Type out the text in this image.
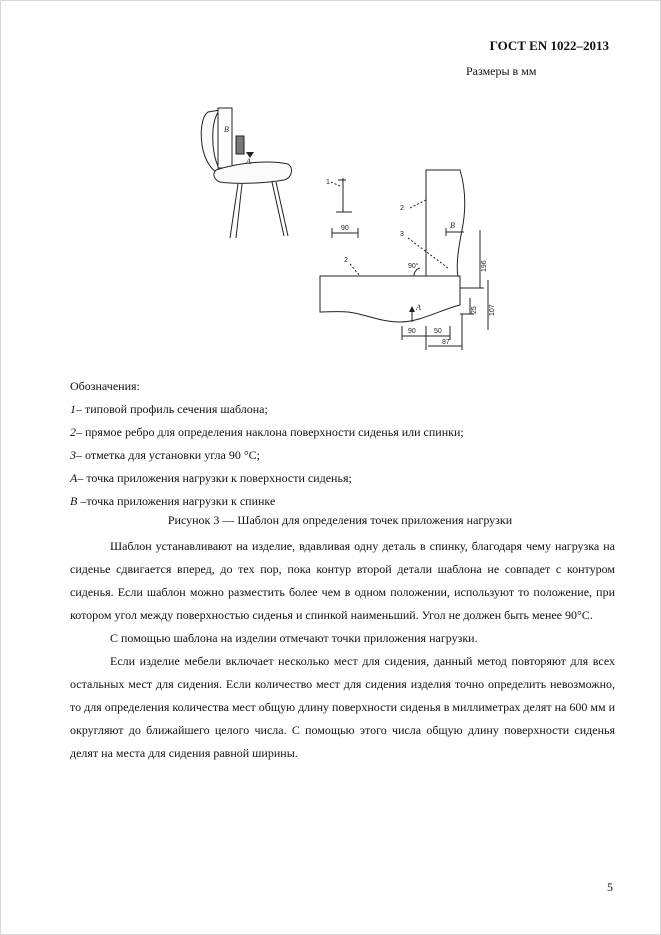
ГОСТ EN 1022–2013
Размеры в мм
B
A
1
90
2
3
2
B
A
90°	196
25 107
90	50
87
Обозначения:
1– типовой профиль сечения шаблона;
2– прямое ребро для определения наклона поверхности сиденья или спинки;
3– отметка для установки угла 90 °С;
А– точка приложения нагрузки к поверхности сиденья;
В –точка приложения нагрузки к спинке
Рисунок 3 — Шаблон для определения точек приложения нагрузки

Шаблон устанавливают на изделие, вдавливая одну деталь в спинку, благодаря чему нагрузка на сиденье сдвигается вперед, до тех пор, пока контур второй детали шаблона не совпадет с контуром сиденья. Если шаблон можно разместить более чем в одном положении, используют то положение, при котором угол между поверхностью сиденья и спинкой наименьший. Угол не должен быть менее 90°С.

С помощью шаблона на изделии отмечают точки приложения нагрузки.

Если изделие мебели включает несколько мест для сидения, данный метод повторяют для всех остальных мест для сидения. Если количество мест для сидения изделия точно определить невозможно, то для определения количества мест общую длину поверхности сиденья в миллиметрах делят на 600 мм и округляют до ближайшего целого числа. С помощью этого числа общую длину поверхности сиденья делят на места для сидения равной ширины.

5
